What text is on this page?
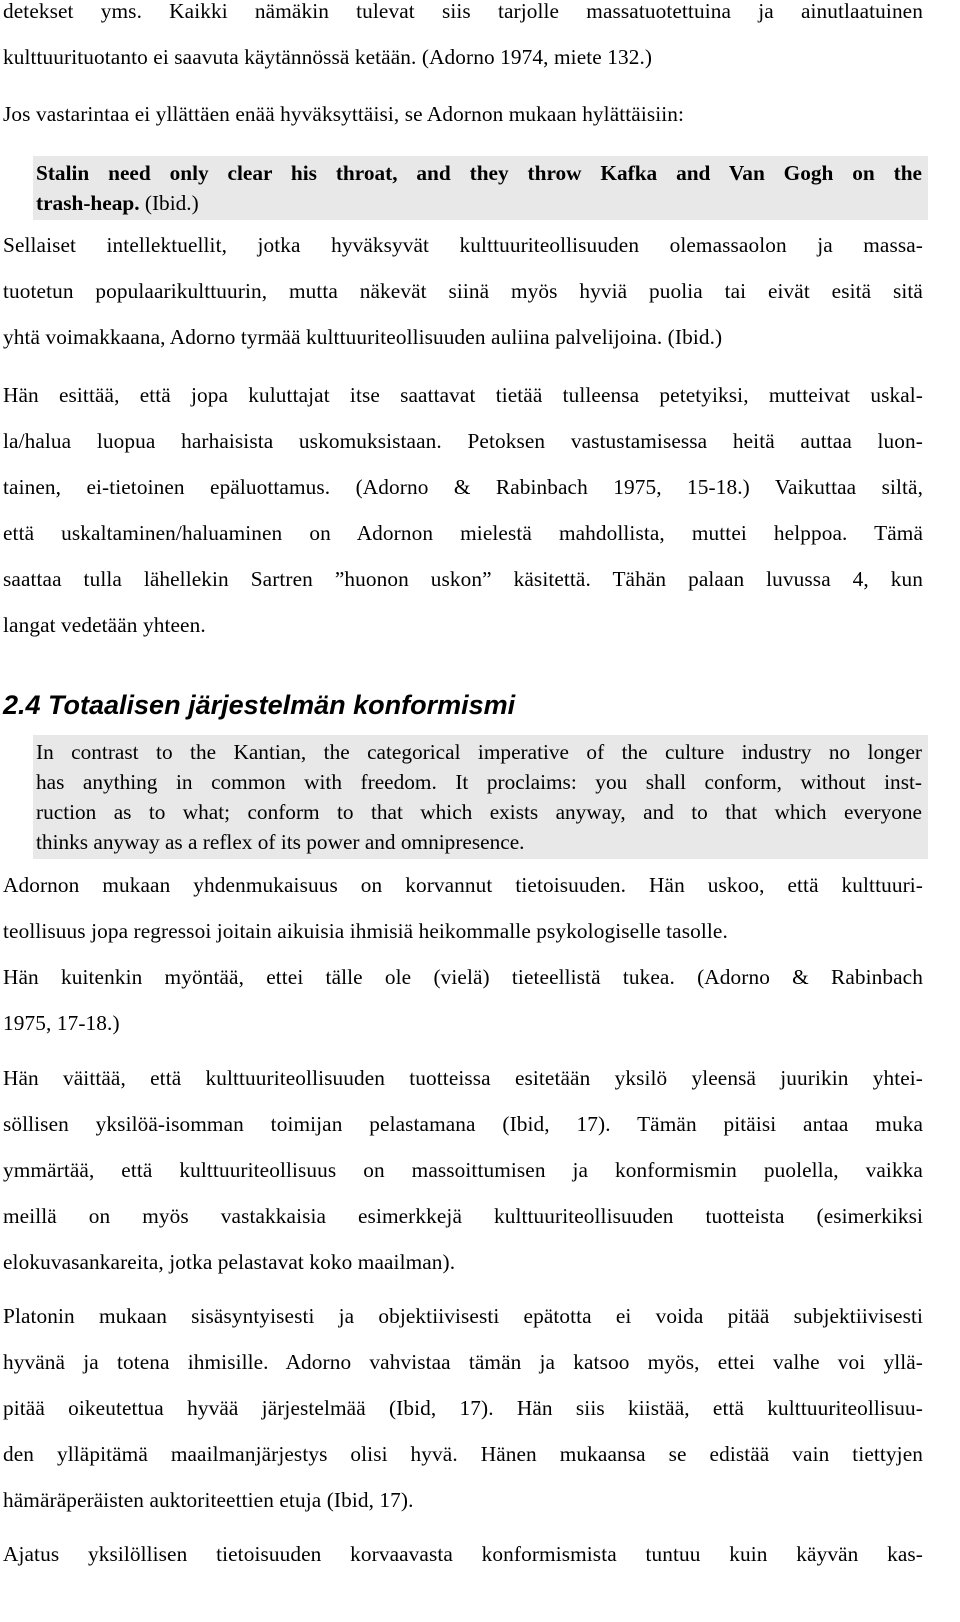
detekset yms. Kaikki nämäkin tulevat siis tarjolle massatuotettuina ja ainutlaatuinen
kulttuurituotanto ei saavuta käytännössä ketään. (Adorno 1974, miete 132.)
Jos vastarintaa ei yllättäen enää hyväksyttäisi, se Adornon mukaan hylättäisiin:
Stalin need only clear his throat, and they throw Kafka and Van Gogh on the
trash-heap. (Ibid.)
Sellaiset intellektuellit, jotka hyväksyvät kulttuuriteollisuuden olemassaolon ja massa-
tuotetun populaarikulttuurin, mutta näkevät siinä myös hyviä puolia tai eivät esitä sitä
yhtä voimakkaana, Adorno tyrmää kulttuuriteollisuuden auliina palvelijoina. (Ibid.)
Hän esittää, että jopa kuluttajat itse saattavat tietää tulleensa petetyiksi, mutteivat uskal-
la/halua luopua harhaisista uskomuksistaan. Petoksen vastustamisessa heitä auttaa luon-
tainen, ei-tietoinen epäluottamus. (Adorno & Rabinbach 1975, 15-18.) Vaikuttaa siltä,
että uskaltaminen/haluaminen on Adornon mielestä mahdollista, muttei helppoa. Tämä
saattaa tulla lähellekin Sartren ”huonon uskon” käsitettä. Tähän palaan luvussa 4, kun
langat vedetään yhteen.
2.4 Totaalisen järjestelmän konformismi
In contrast to the Kantian, the categorical imperative of the culture industry no longer
has anything in common with freedom. It proclaims: you shall conform, without inst-
ruction as to what; conform to that which exists anyway, and to that which everyone
thinks anyway as a reflex of its power and omnipresence.
Adornon mukaan yhdenmukaisuus on korvannut tietoisuuden. Hän uskoo, että kulttuuri-
teollisuus jopa regressoi joitain aikuisia ihmisiä heikommalle psykologiselle tasolle.
Hän kuitenkin myöntää, ettei tälle ole (vielä) tieteellistä tukea. (Adorno & Rabinbach
1975, 17-18.)
Hän väittää, että kulttuuriteollisuuden tuotteissa esitetään yksilö yleensä juurikin yhtei-
söllisen yksilöä-isomman toimijan pelastamana (Ibid, 17). Tämän pitäisi antaa muka
ymmärtää, että kulttuuriteollisuus on massoittumisen ja konformismin puolella, vaikka
meillä on myös vastakkaisia esimerkkejä kulttuuriteollisuuden tuotteista (esimerkiksi
elokuvasankareita, jotka pelastavat koko maailman).
Platonin mukaan sisäsyntyisesti ja objektiivisesti epätotta ei voida pitää subjektiivisesti
hyvänä ja totena ihmisille. Adorno vahvistaa tämän ja katsoo myös, ettei valhe voi yllä-
pitää oikeutettua hyvää järjestelmää (Ibid, 17). Hän siis kiistää, että kulttuuriteollisuu-
den ylläpitämä maailmanjärjestys olisi hyvä. Hänen mukaansa se edistää vain tiettyjen
hämäräperäisten auktoriteettien etuja (Ibid, 17).
Ajatus yksilöllisen tietoisuuden korvaavasta konformismista tuntuu kuin käyvän kas-
